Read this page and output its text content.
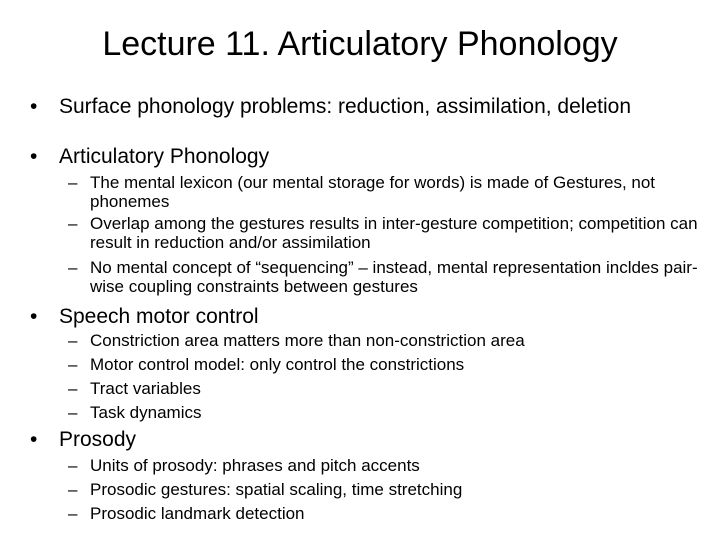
Lecture 11. Articulatory Phonology
•	Surface phonology problems: reduction, assimilation, deletion
•	Articulatory Phonology
– The mental lexicon (our mental storage for words) is made of Gestures, not phonemes
– Overlap among the gestures results in inter-gesture competition; competition can result in reduction and/or assimilation
– No mental concept of “sequencing” – instead, mental representation incldes pair-wise coupling constraints between gestures
•	Speech motor control
– Constriction area matters more than non-constriction area
– Motor control model: only control the constrictions
– Tract variables
– Task dynamics
•	Prosody
– Units of prosody: phrases and pitch accents
– Prosodic gestures: spatial scaling, time stretching
– Prosodic landmark detection
